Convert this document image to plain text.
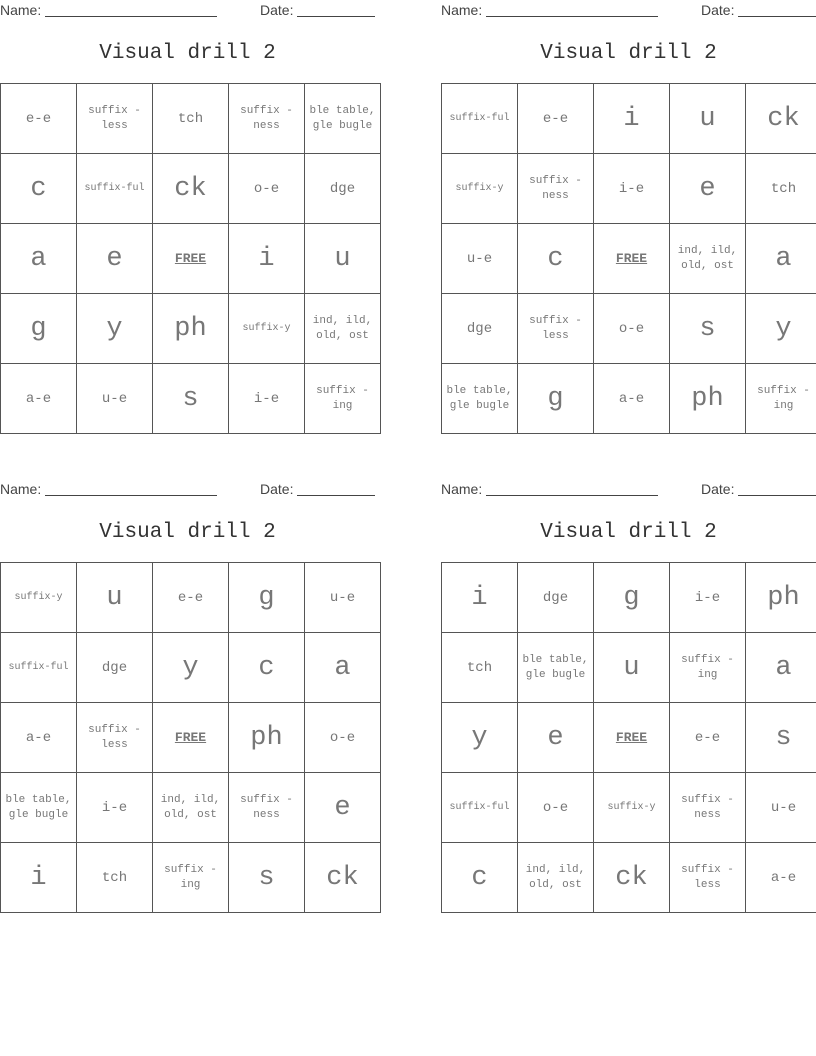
Name:	Date:
Visual drill 2
e-e	suffix - less	tch	suffix - ness	ble table, gle bugle
c	suffix-ful	ck	o-e	dge
a	e	FREE	i	u
g	y	ph	suffix-y	ind, ild, old, ost
a-e	u-e	s	i-e	suffix - ing
Name:	Date:
Visual drill 2
suffix-ful	e-e	i	u	ck
suffix-y	suffix - ness	i-e	e	tch
u-e	c	FREE	ind, ild, old, ost	a
dge	suffix - less	o-e	s	y
ble table, gle bugle	g	a-e	ph	suffix - ing
Name:	Date:
Visual drill 2
suffix-y	u	e-e	g	u-e
suffix-ful	dge	y	c	a
a-e	suffix - less	FREE	ph	o-e
ble table, gle bugle	i-e	ind, ild, old, ost	suffix - ness	e
i	tch	suffix - ing	s	ck
Name:	Date:
Visual drill 2
i	dge	g	i-e	ph
tch	ble table, gle bugle	u	suffix - ing	a
y	e	FREE	e-e	s
suffix-ful	o-e	suffix-y	suffix - ness	u-e
c	ind, ild, old, ost	ck	suffix - less	a-e
